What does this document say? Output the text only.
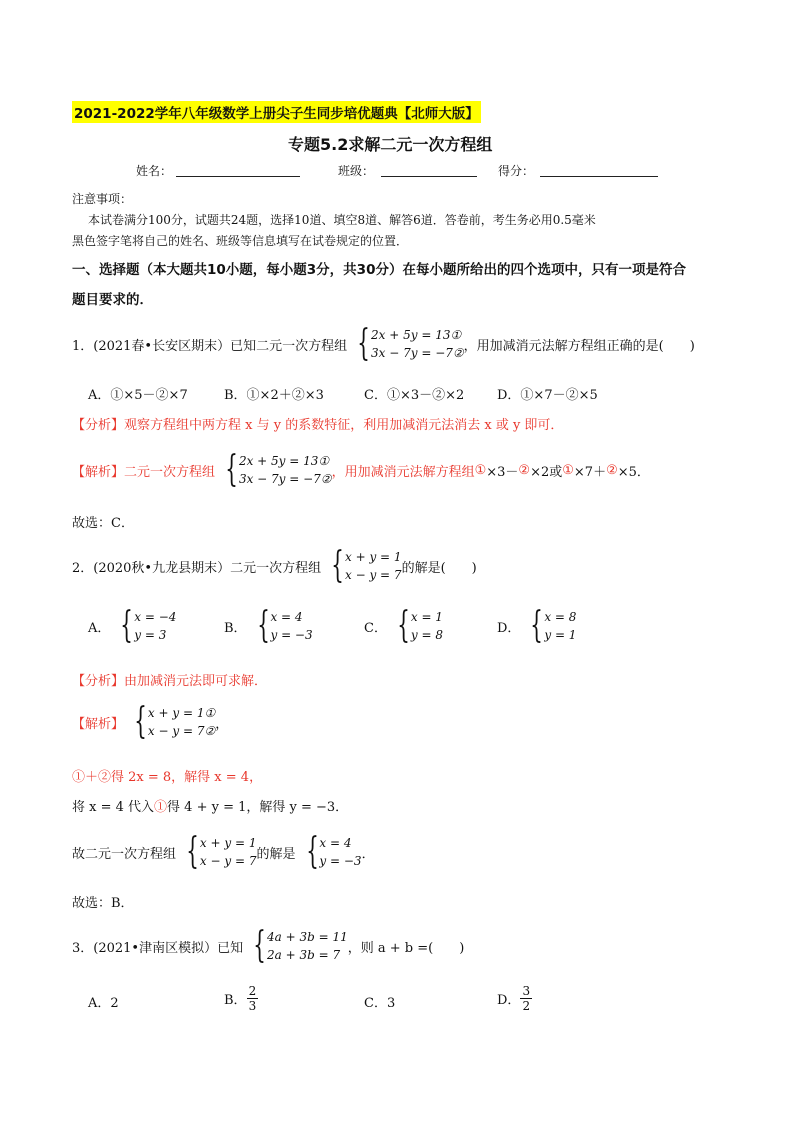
2021-2022学年八年级数学上册尖子生同步培优题典【北师大版】
专题5.2求解二元一次方程组
姓名：	班级：	得分：
注意事项：
本试卷满分100分，试题共24题，选择10道、填空8道、解答6道．答卷前，考生务必用0.5毫米
黑色签字笔将自己的姓名、班级等信息填写在试卷规定的位置．
一、选择题（本大题共10小题，每小题3分，共30分）在每小题所给出的四个选项中，只有一项是符合
题目要求的．
1．(2021春•长安区期末）已知二元一次方程组 { 2x + 5y = 13①
3x − 7y = −7② ，用加减消元法解方程组正确的是(　　)
A．①×5－②×7	B．①×2＋②×3	C．①×3－②×2	D．①×7－②×5
【分析】观察方程组中两方程 x 与 y 的系数特征，利用加减消元法消去 x 或 y 即可．
【解析】 二元一次方程组 { 2x + 5y = 13①
3x − 7y = −7② ，用加减消元法解方程组 ① ×3－ ② ×2或 ① ×7＋ ② ×5．
故选：C．
2．(2020秋•九龙县期末）二元一次方程组 { x + y = 1
x − y = 7 的解是(　　)
A． { x = −4
y = 3	B． { x = 4
y = −3	C． { x = 1
y = 8	D． { x = 8
y = 1
【分析】由加减消元法即可求解．
【解析】 { x + y = 1①
x − y = 7② ，
①＋②得 2x = 8，解得 x = 4，
将 x = 4 代入①得 4 + y = 1，解得 y = −3．
故二元一次方程组 { x + y = 1
x − y = 7 的解是 { x = 4
y = −3 ．
故选：B．
3．(2021•津南区模拟）已知 { 4a + 3b = 11
2a + 3b = 7 ，则 a + b =(　　)
A．2	B． $\frac{2}{3}$	C．3	D． $\frac{3}{2}$
